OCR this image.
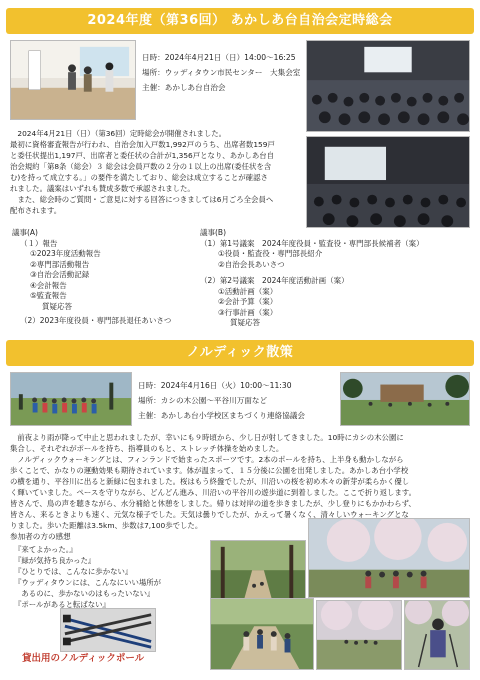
2024年度（第36回） あかしあ台自治会定時総会
日時：2024年4月21日（日）14:00～16:25
場所：ウッディタウン市民センター　大集会室
主催：あかしあ台自治会
　2024年4月21日（日）（第36回）定時総会が開催されました。
最初に資格審査報告が行われ、自治会加入戸数1,992戸のうち、出席者数159戸
と委任状提出1,197戸、出席者と委任状の合計が1,356戸となり、あかしあ台自
治会規約「第8条（総会）３ 総会は会員戸数の２分の１以上の出席(委任状を含
む)を持って成立する。」の要件を満たしており、総会は成立することが確認さ
れました。議案はいずれも賛成多数で承認されました。
　また、総会時のご質問・ご意見に対する回答につきましては6月ごろ全会員へ
配布されます。
議事(A)
（１）報告
①2023年度活動報告
②専門部活動報告
③自治会活動記録
④会計報告
⑤監査報告
質疑応答
（2）2023年度役員・専門部長退任あいさつ
議事(B)
（1）第1号議案　2024年度役員・監査役・専門部長候補者（案）
①役員・監査役・専門部長紹介
②自治会長あいさつ
（2）第2号議案　2024年度活動計画（案）
①活動計画（案）
②会計予算（案）
③行事計画（案）
質疑応答
ノルディック散策
日時：2024年4月16日（火）10:00～11:30
場所：カシの木公園～平谷川万面など
主催：あかしあ台小学校区まちづくり連絡協議会
　前夜より雨が降って中止と思われましたが、幸いにも９時頃から、少し日が射してきました。10時にカシの木公園に
集合し、それぞれがポールを持ち、指導員のもと、ストレッチ体操を始めました。
　ノルディックウォーキングとは、フィンランドで始まったスポーツです。2本のポールを持ち、上半身も動かしながら
歩くことで、かなりの運動効果も期待されています。体が温まって、１５分後に公園を出発しました。あかしあ台小学校
の横を通り、平谷川に出ると新緑に包まれました。桜はもう終盤でしたが、川沿いの桜を初め木々の新芽が柔らかく優し
く輝いていました。ペースを守りながら、どんどん進み、川沿いの平谷川の遊歩道に到着しました。ここで折り返します。
皆さんで、鳥の声を聴きながら、水分補給と休憩をしました。帰りは対岸の道を歩きましたが、少し登りにもかかわらず、
皆さん、来るときよりも速く、元気な様子でした。天気は曇りでしたが、かえって暑くなく、清々しいウォーキングとな
りました。歩いた距離は3.5km、歩数は7,100歩でした。
参加者の方の感想
『来てよかった。』
『緑が気持ち良かった』
『ひとりでは、こんなに歩かない』
『ウッディタウンには、こんなにいい場所が
　あるのに、歩かないのはもったいない』
『ポールがあると転ばない』
貸出用のノルディックポール
